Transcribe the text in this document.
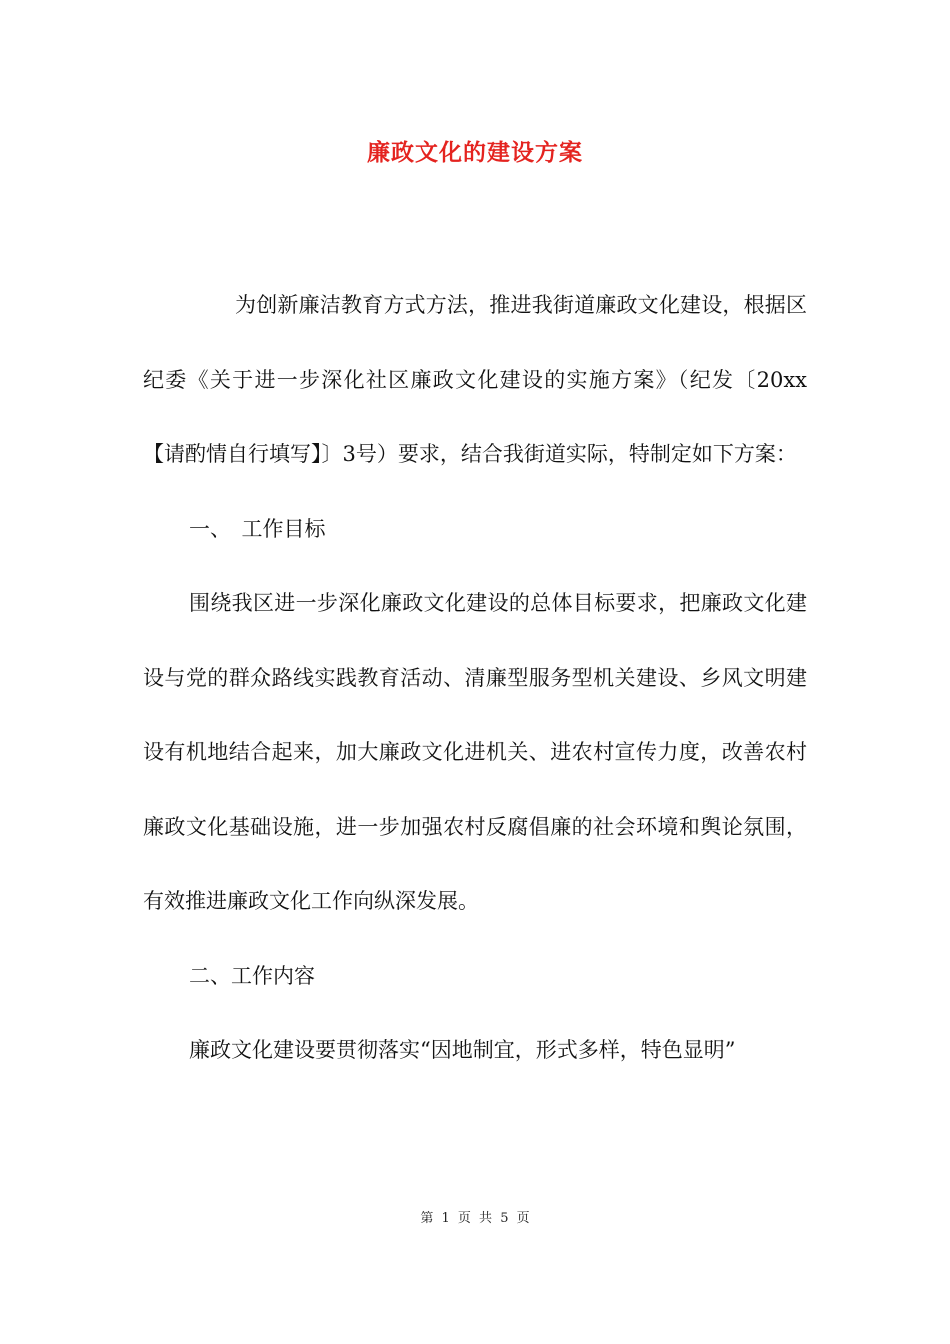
廉政文化的建设方案

为创新廉洁教育方式方法，推进我街道廉政文化建设，根据区纪委《关于进一步深化社区廉政文化建设的实施方案》（纪发〔20xx【请酌情自行填写】〕3号）要求，结合我街道实际，特制定如下方案：

一、　工作目标

围绕我区进一步深化廉政文化建设的总体目标要求，把廉政文化建设与党的群众路线实践教育活动、清廉型服务型机关建设、乡风文明建设有机地结合起来，加大廉政文化进机关、进农村宣传力度，改善农村廉政文化基础设施，进一步加强农村反腐倡廉的社会环境和舆论氛围，有效推进廉政文化工作向纵深发展。

二、工作内容

廉政文化建设要贯彻落实“因地制宜，形式多样，特色显明”

第 1 页 共 5 页
